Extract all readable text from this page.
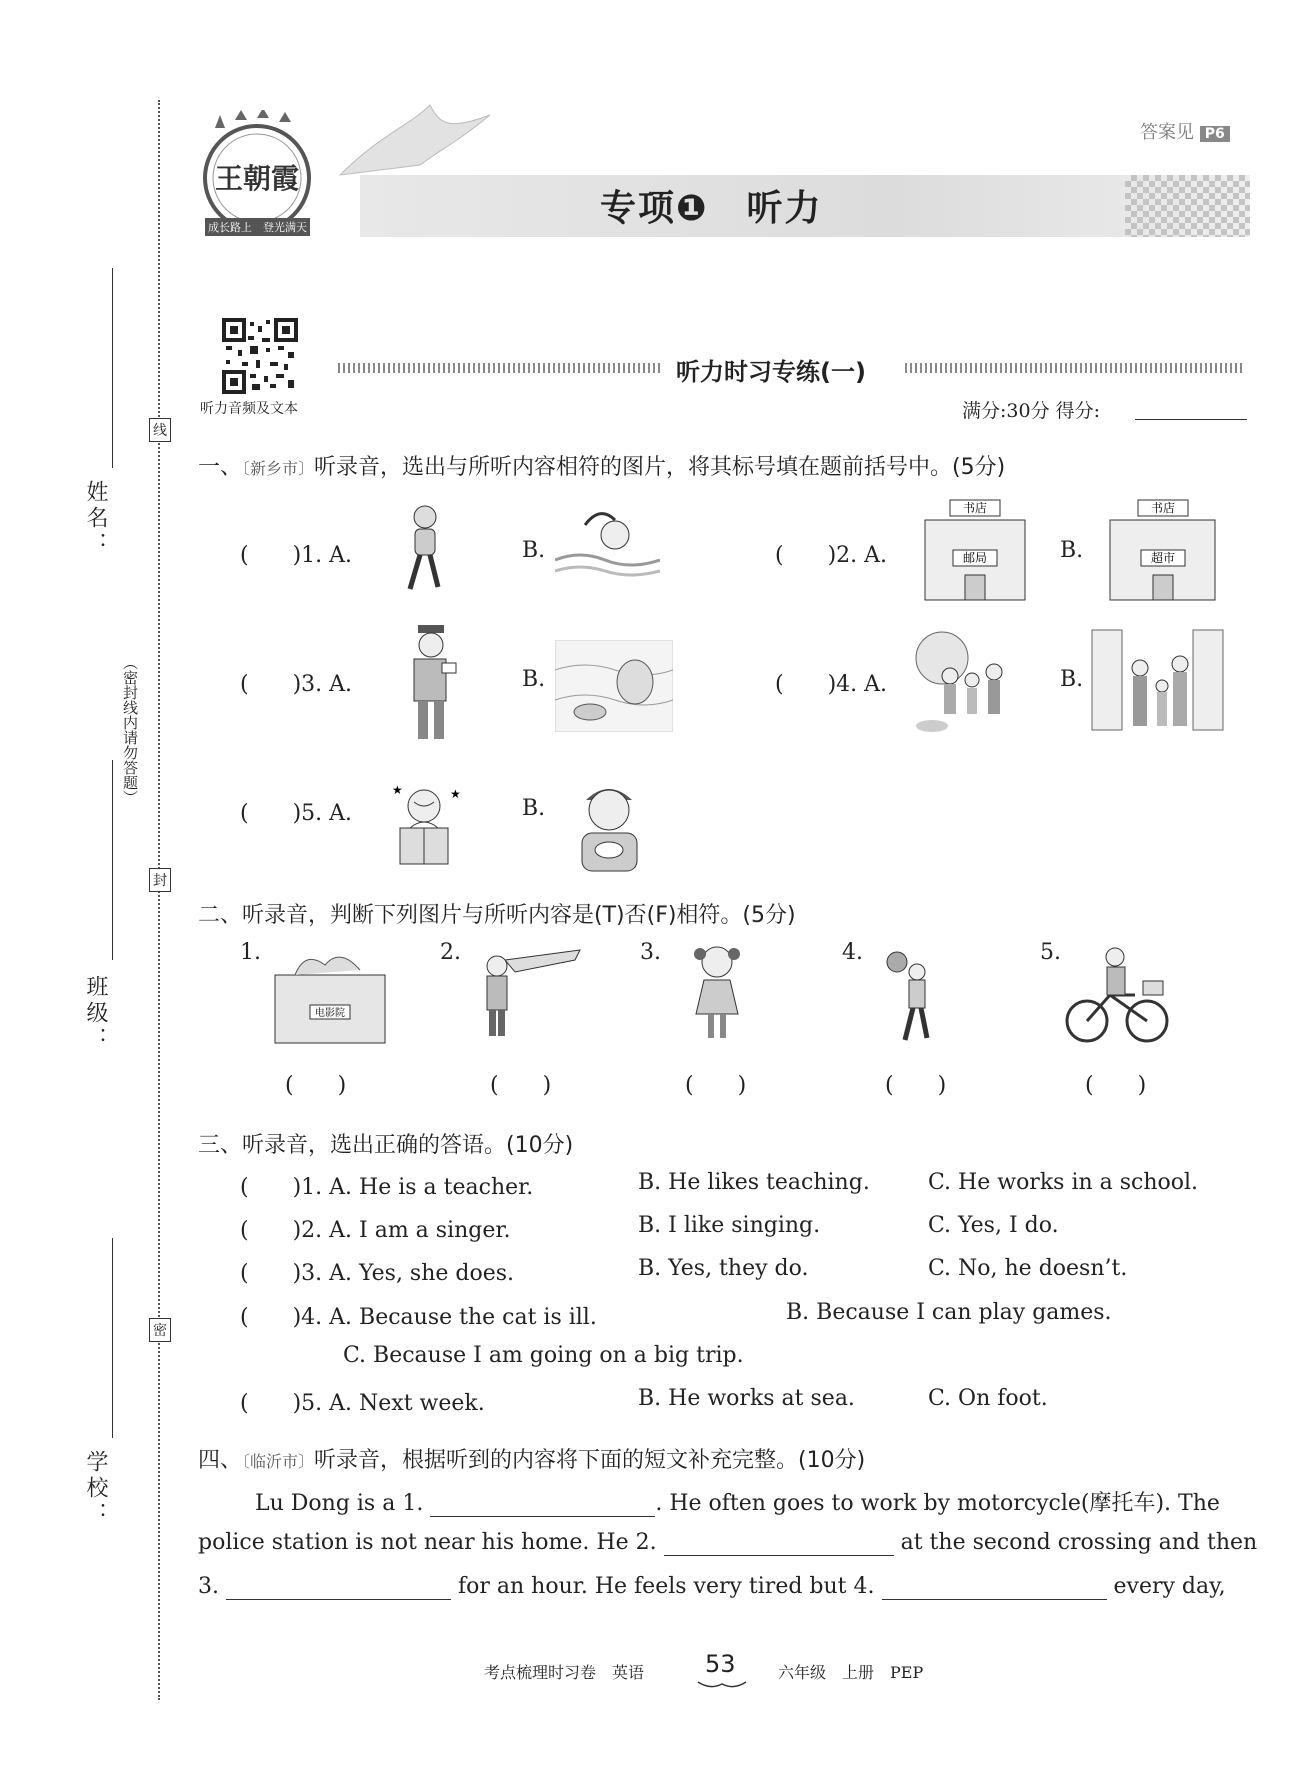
姓名：
班级：
学校：
线
封
密
（密封线内请勿答题）
王朝霞
成长路上 登光满天	专项❶　听力
答案见 P6
听力音频及文本
听力时习专练(一)
满分:30分 得分:
一、〔新乡市〕听录音，选出与所听内容相符的图片，将其标号填在题前括号中。(5分)
(　　)1. A.	B.	(　　)2. A.
书店
邮局	B.
书店
超市
(　　)3. A.	B.	(　　)4. A.	B.
(　　)5. A.
★	★
B.
二、听录音，判断下列图片与所听内容是(T)否(F)相符。(5分)
1.
电影院
2.	3.	4.	5.
(　　)	(　　)	(　　)	(　　)	(　　)
三、听录音，选出正确的答语。(10分)
(　　)1. A. He is a teacher.	B. He likes teaching.	C. He works in a school.
(　　)2. A. I am a singer.	B. I like singing.	C. Yes, I do.
(　　)3. A. Yes, she does.	B. Yes, they do.	C. No, he doesn’t.
(　　)4. A. Because the cat is ill.	B. Because I can play games.
C. Because I am going on a big trip.
(　　)5. A. Next week.	B. He works at sea.	C. On foot.
四、〔临沂市〕听录音，根据听到的内容将下面的短文补充完整。(10分)
Lu Dong is a 1.	. He often goes to work by motorcycle(摩托车). The
police station is not near his home. He 2.	at the second crossing and then
3.	for an hour. He feels very tired but 4.	every day,
考点梳理时习卷　英语	53	六年级　上册　PEP
